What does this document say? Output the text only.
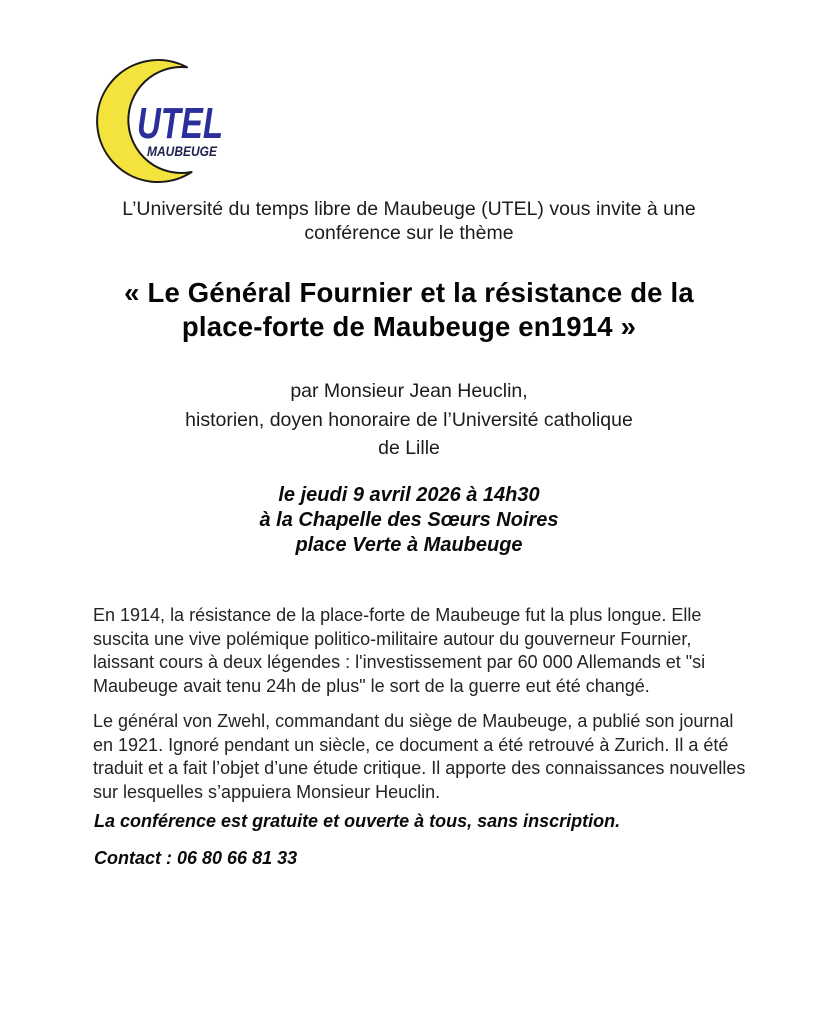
UTEL
MAUBEUGE
L’Université du temps libre de Maubeuge (UTEL) vous invite à une
conférence sur le thème
« Le Général Fournier et la résistance de la
place-forte de Maubeuge en1914 »
par Monsieur Jean Heuclin,
historien, doyen honoraire de l’Université catholique
de Lille
le jeudi 9 avril 2026 à 14h30
à la Chapelle des Sœurs Noires
place Verte à Maubeuge

En 1914, la résistance de la place-forte de Maubeuge fut la plus longue. Elle suscita une vive polémique politico-militaire autour du gouverneur Fournier, laissant cours à deux légendes : l'investissement par 60 000 Allemands et "si Maubeuge avait tenu 24h de plus" le sort de la guerre eut été changé.

Le général von Zwehl, commandant du siège de Maubeuge, a publié son journal en 1921. Ignoré pendant un siècle, ce document a été retrouvé à Zurich. Il a été traduit et a fait l’objet d’une étude critique. Il apporte des connaissances nouvelles sur lesquelles s’appuiera Monsieur Heuclin.

La conférence est gratuite et ouverte à tous, sans inscription.
Contact : 06 80 66 81 33
